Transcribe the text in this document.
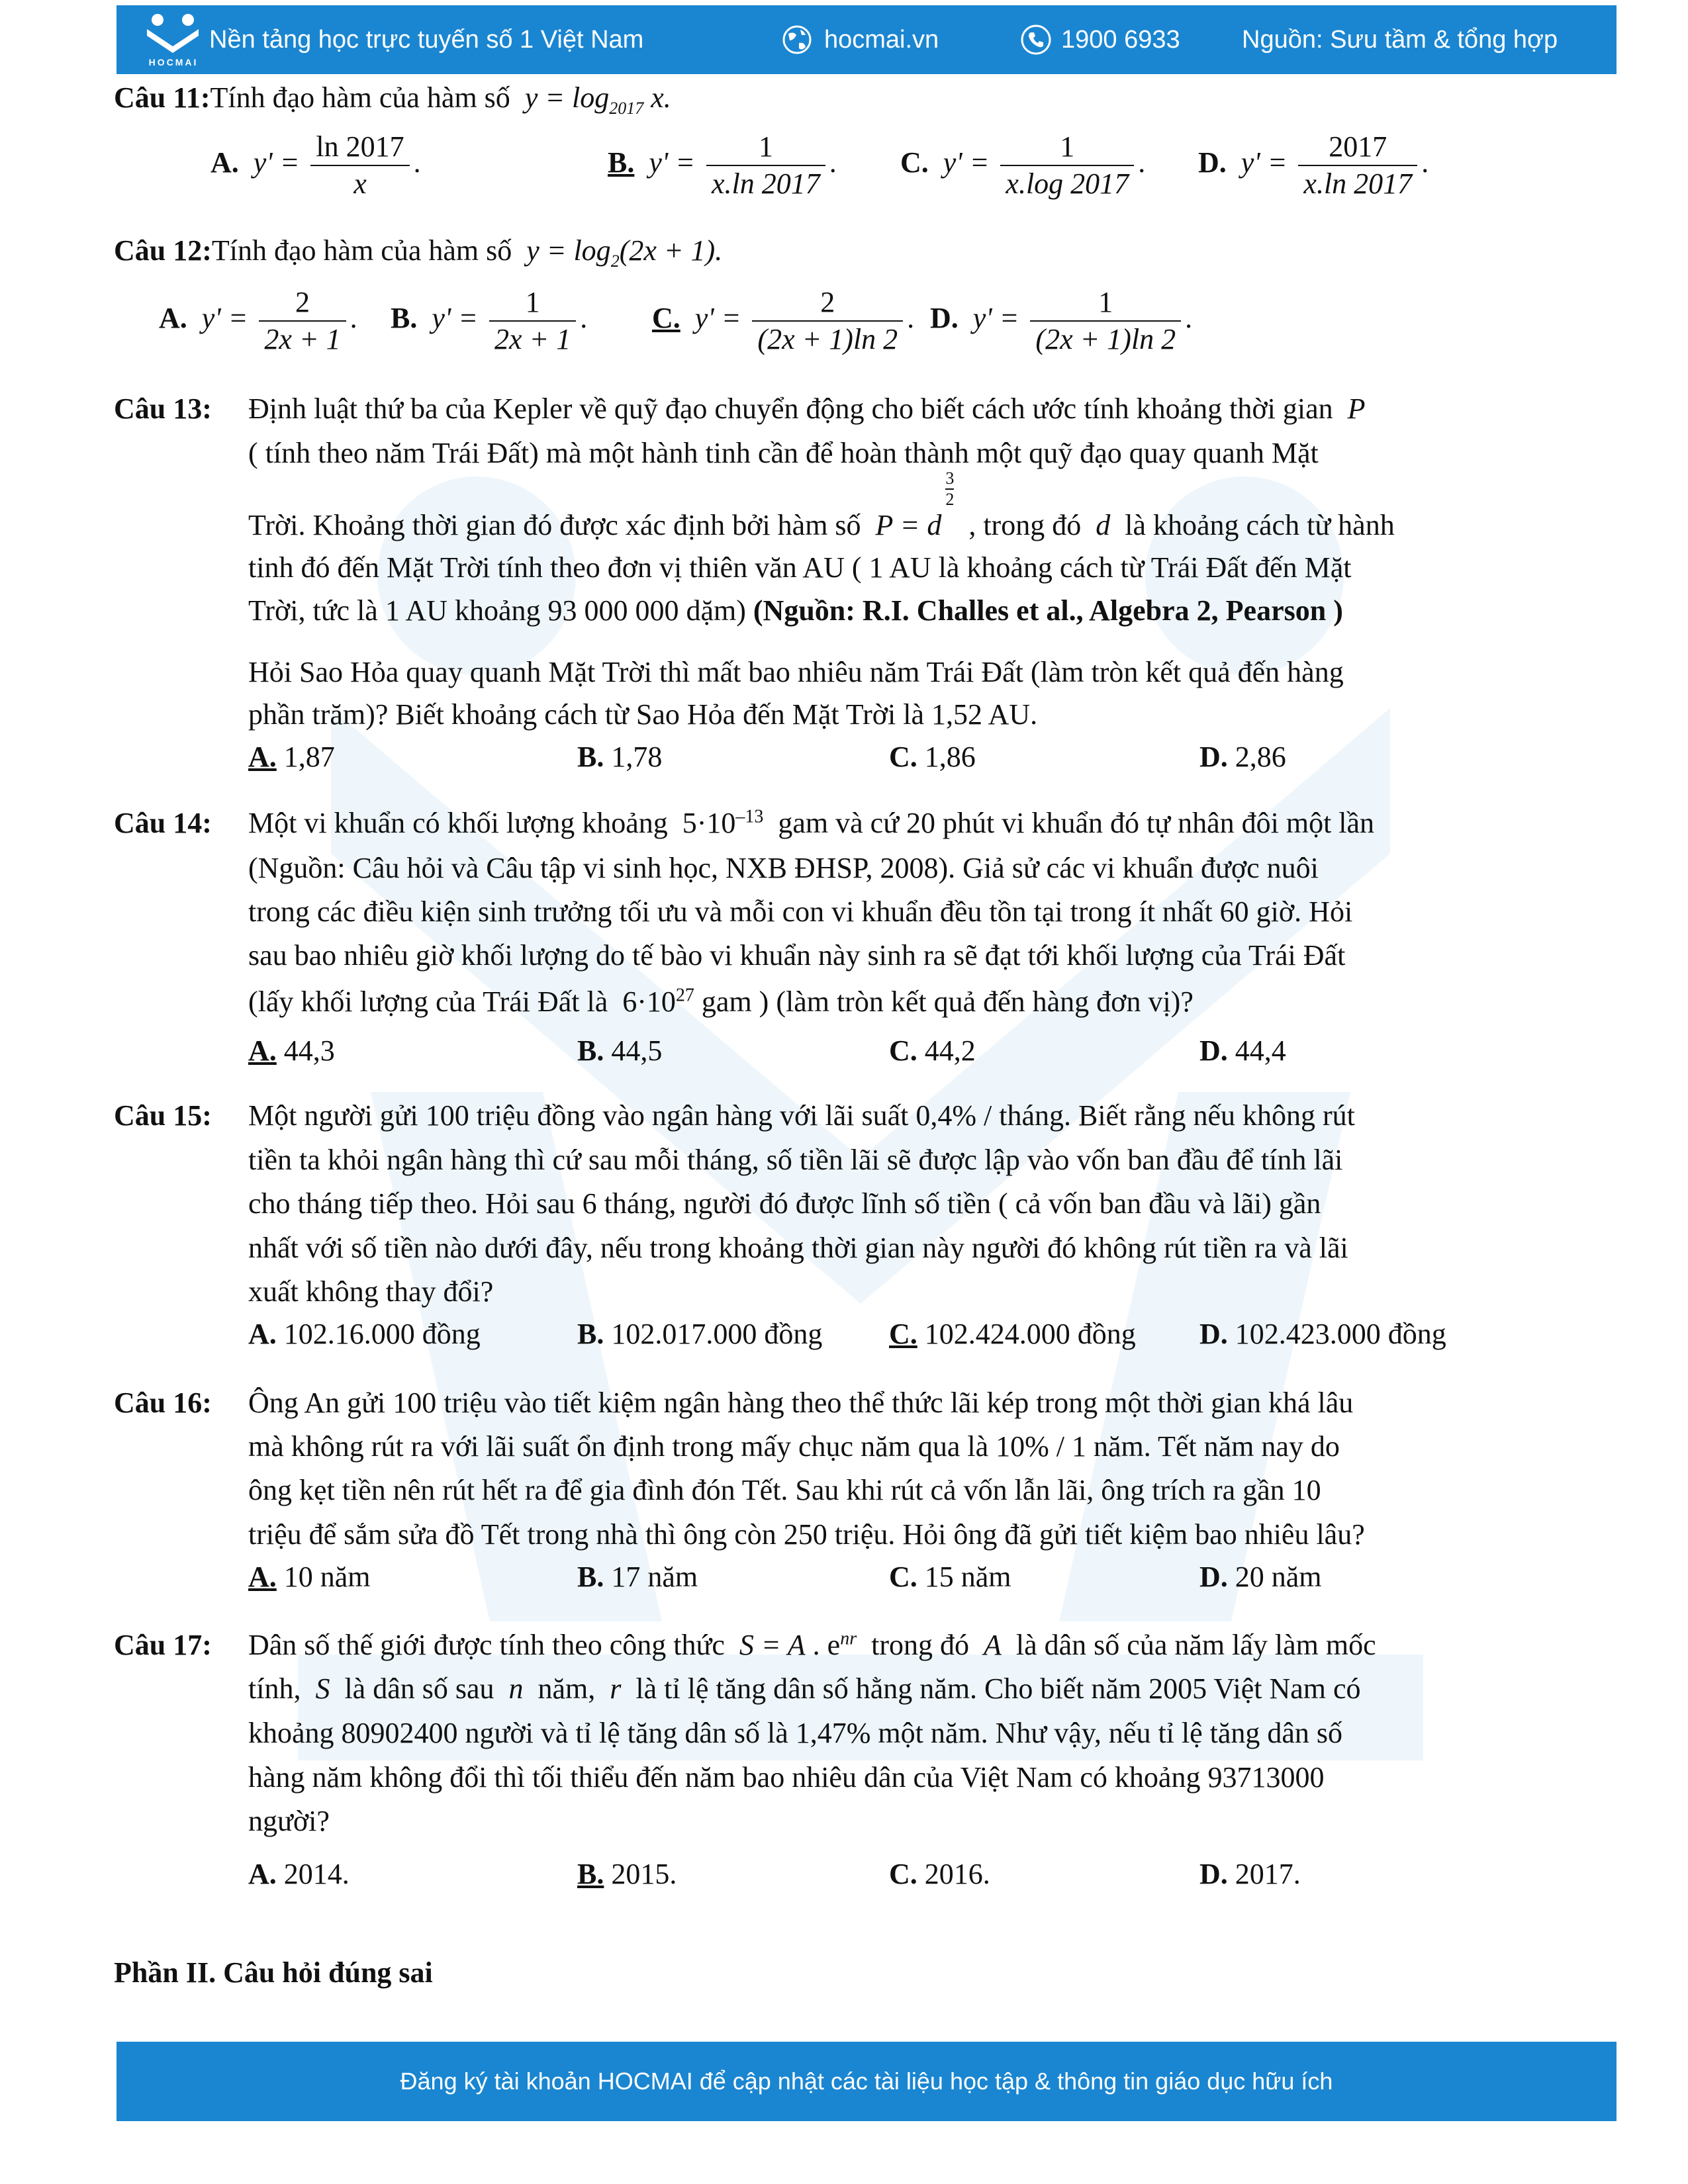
HOCMAI
Nền tảng học trực tuyến số 1 Việt Nam	hocmai.vn	1900 6933 Nguồn: Sưu tầm & tổng hợp
Câu 11:Tính đạo hàm của hàm số  $y = \log_{2017} x$.
A.  $y' = \frac{\ln 2017}{x}$ .	B.  $y' = \frac{1}{x.\ln 2017}$ . C.  $y' = \frac{1}{x.\log 2017}$ . D.  $y' = \frac{2017}{x.\ln 2017}$ .
Câu 12:Tính đạo hàm của hàm số  $y = \log_2(2x + 1)$.
A.  $y' = \frac{2}{2x + 1}$ . B.  $y' = \frac{1}{2x + 1}$ . C.  $y' = \frac{2}{(2x + 1)\ln 2}$ . D.  $y' = \frac{1}{(2x + 1)\ln 2}$ .
Câu 13: Định luật thứ ba của Kepler về quỹ đạo chuyển động cho biết cách ước tính khoảng thời gian  P
( tính theo năm Trái Đất) mà một hành tinh cần để hoàn thành một quỹ đạo quay quanh Mặt
Trời. Khoảng thời gian đó được xác định bởi hàm số  P = d $\frac{3}{2}$ , trong đó  d  là khoảng cách từ hành
tinh đó đến Mặt Trời tính theo đơn vị thiên văn AU ( 1 AU là khoảng cách từ Trái Đất đến Mặt
Trời, tức là 1 AU khoảng 93 000 000 dặm) (Nguồn: R.I. Challes et al., Algebra 2, Pearson )
Hỏi Sao Hỏa quay quanh Mặt Trời thì mất bao nhiêu năm Trái Đất (làm tròn kết quả đến hàng
phần trăm)? Biết khoảng cách từ Sao Hỏa đến Mặt Trời là 1,52 AU.
A. 1,87	B. 1,78	C. 1,86	D. 2,86
Câu 14: Một vi khuẩn có khối lượng khoảng  $5\cdot 10^{-13}$ gam và cứ 20 phút vi khuẩn đó tự nhân đôi một lần
(Nguồn: Câu hỏi và Câu tập vi sinh học, NXB ĐHSP, 2008). Giả sử các vi khuẩn được nuôi
trong các điều kiện sinh trưởng tối ưu và mỗi con vi khuẩn đều tồn tại trong ít nhất 60 giờ. Hỏi
sau bao nhiêu giờ khối lượng do tế bào vi khuẩn này sinh ra sẽ đạt tới khối lượng của Trái Đất
(lấy khối lượng của Trái Đất là  $6\cdot 10^{27}$ gam ) (làm tròn kết quả đến hàng đơn vị)?
A. 44,3	B. 44,5	C. 44,2	D. 44,4
Câu 15: Một người gửi 100 triệu đồng vào ngân hàng với lãi suất 0,4% / tháng. Biết rằng nếu không rút
tiền ta khỏi ngân hàng thì cứ sau mỗi tháng, số tiền lãi sẽ được lập vào vốn ban đầu để tính lãi
cho tháng tiếp theo. Hỏi sau 6 tháng, người đó được lĩnh số tiền ( cả vốn ban đầu và lãi) gần
nhất với số tiền nào dưới đây, nếu trong khoảng thời gian này người đó không rút tiền ra và lãi
xuất không thay đổi?
A. 102.16.000 đồng	B. 102.017.000 đồng C. 102.424.000 đồng D. 102.423.000 đồng
Câu 16: Ông An gửi 100 triệu vào tiết kiệm ngân hàng theo thể thức lãi kép trong một thời gian khá lâu
mà không rút ra với lãi suất ổn định trong mấy chục năm qua là 10% / 1 năm. Tết năm nay do
ông kẹt tiền nên rút hết ra để gia đình đón Tết. Sau khi rút cả vốn lẫn lãi, ông trích ra gần 10
triệu để sắm sửa đồ Tết trong nhà thì ông còn 250 triệu. Hỏi ông đã gửi tiết kiệm bao nhiêu lâu?
A. 10 năm	B. 17 năm	C. 15 năm	D. 20 năm
Câu 17: Dân số thế giới được tính theo công thức  S = A . $e^{nr}$ trong đó  A  là dân số của năm lấy làm mốc
tính,  S  là dân số sau  n  năm,  r  là tỉ lệ tăng dân số hằng năm. Cho biết năm 2005 Việt Nam có
khoảng 80902400 người và tỉ lệ tăng dân số là 1,47% một năm. Như vậy, nếu tỉ lệ tăng dân số
hàng năm không đổi thì tối thiểu đến năm bao nhiêu dân của Việt Nam có khoảng 93713000
người?
A. 2014.	B. 2015.	C. 2016.	D. 2017.
Phần II. Câu hỏi đúng sai
Đăng ký tài khoản HOCMAI để cập nhật các tài liệu học tập & thông tin giáo dục hữu ích
